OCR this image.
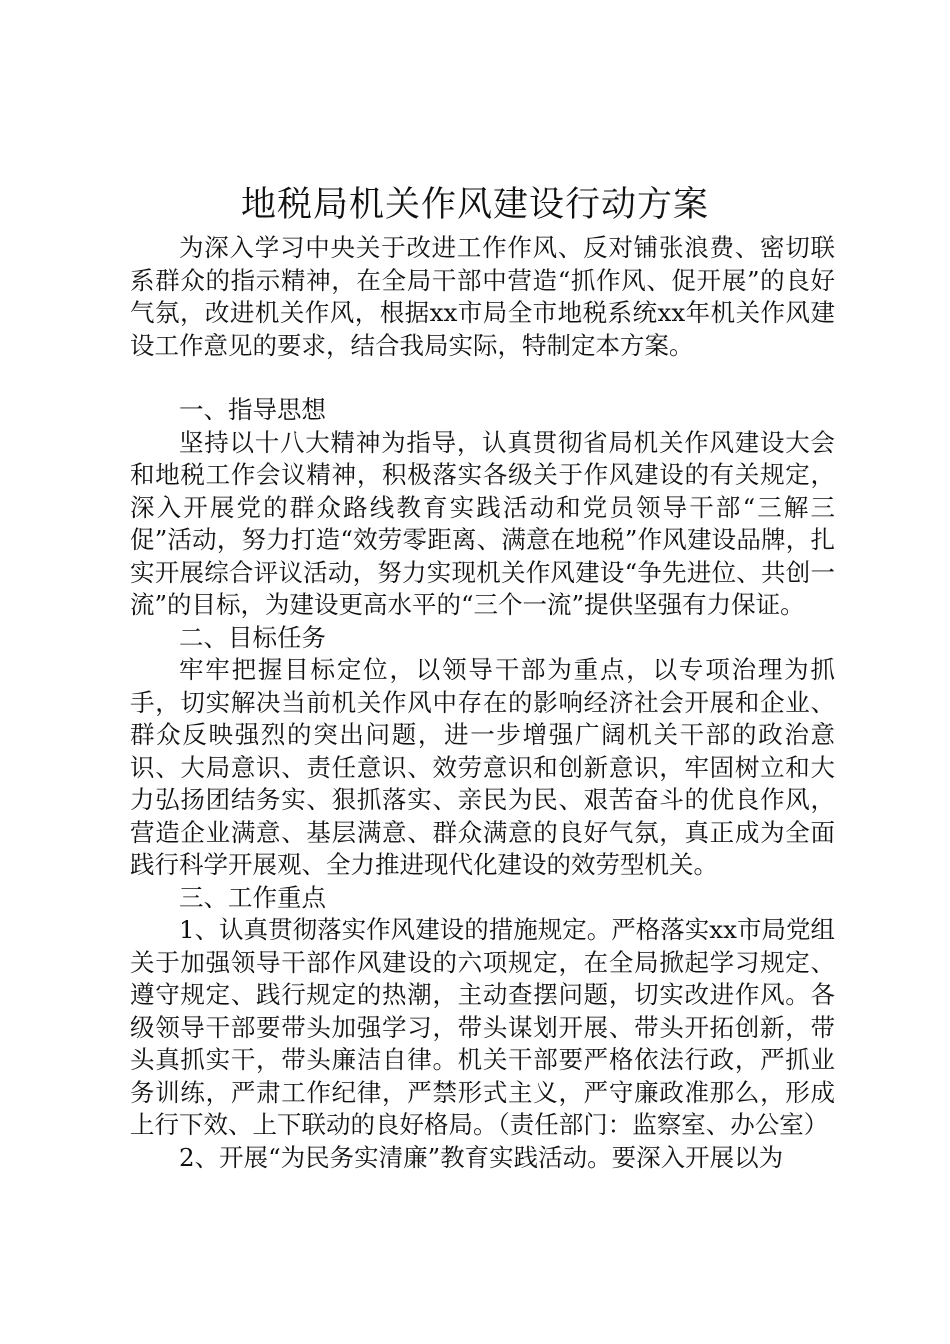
地税局机关作风建设行动方案

为深入学习中央关于改进工作作风、反对铺张浪费、密切联系群众的指示精神，在全局干部中营造“抓作风、促开展”的良好气氛，改进机关作风，根据xx市局全市地税系统xx年机关作风建设工作意见的要求，结合我局实际，特制定本方案。

一、指导思想

坚持以十八大精神为指导，认真贯彻省局机关作风建设大会和地税工作会议精神，积极落实各级关于作风建设的有关规定，深入开展党的群众路线教育实践活动和党员领导干部“三解三促”活动，努力打造“效劳零距离、满意在地税”作风建设品牌，扎实开展综合评议活动，努力实现机关作风建设“争先进位、共创一流”的目标，为建设更高水平的“三个一流”提供坚强有力保证。

二、目标任务

牢牢把握目标定位，以领导干部为重点，以专项治理为抓手，切实解决当前机关作风中存在的影响经济社会开展和企业、群众反映强烈的突出问题，进一步增强广阔机关干部的政治意识、大局意识、责任意识、效劳意识和创新意识，牢固树立和大力弘扬团结务实、狠抓落实、亲民为民、艰苦奋斗的优良作风，营造企业满意、基层满意、群众满意的良好气氛，真正成为全面践行科学开展观、全力推进现代化建设的效劳型机关。

三、工作重点

1、认真贯彻落实作风建设的措施规定。严格落实xx市局党组关于加强领导干部作风建设的六项规定，在全局掀起学习规定、遵守规定、践行规定的热潮，主动查摆问题，切实改进作风。各级领导干部要带头加强学习，带头谋划开展、带头开拓创新，带头真抓实干，带头廉洁自律。机关干部要严格依法行政，严抓业务训练，严肃工作纪律，严禁形式主义，严守廉政准那么，形成上行下效、上下联动的良好格局。（责任部门：监察室、办公室）

2、开展“为民务实清廉”教育实践活动。要深入开展以为
